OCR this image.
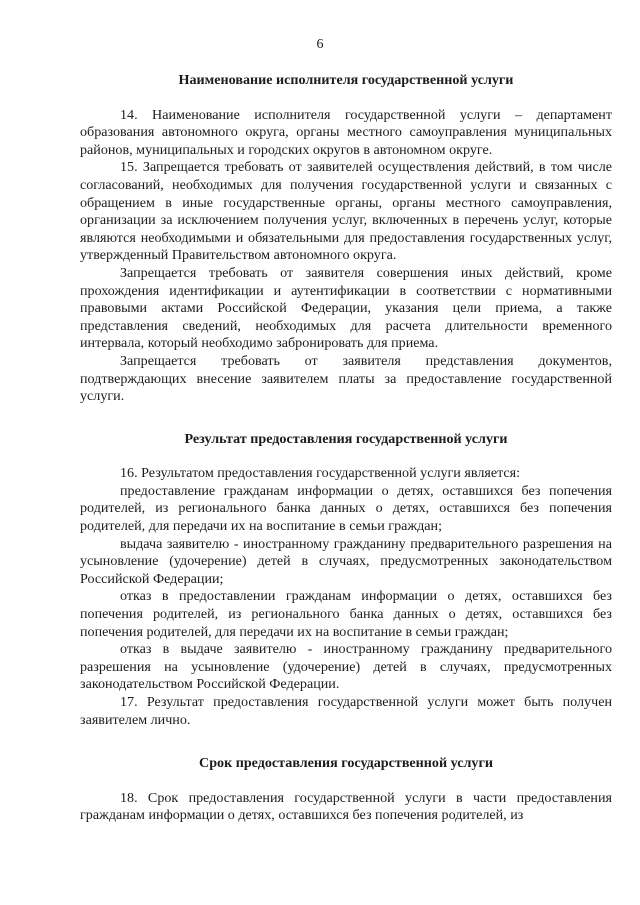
6
Наименование исполнителя государственной услуги

14. Наименование исполнителя государственной услуги – департамент образования автономного округа, органы местного самоуправления муниципальных районов, муниципальных и городских округов в автономном округе.

15. Запрещается требовать от заявителей осуществления действий, в том числе согласований, необходимых для получения государственной услуги и связанных с обращением в иные государственные органы, органы местного самоуправления, организации за исключением получения услуг, включенных в перечень услуг, которые являются необходимыми и обязательными для предоставления государственных услуг, утвержденный Правительством автономного округа.

Запрещается требовать от заявителя совершения иных действий, кроме прохождения идентификации и аутентификации в соответствии с нормативными правовыми актами Российской Федерации, указания цели приема, а также представления сведений, необходимых для расчета длительности временного интервала, который необходимо забронировать для приема.

Запрещается требовать от заявителя представления документов, подтверждающих внесение заявителем платы за предоставление государственной услуги.

Результат предоставления государственной услуги

16. Результатом предоставления государственной услуги является:

предоставление гражданам информации о детях, оставшихся без попечения родителей, из регионального банка данных о детях, оставшихся без попечения родителей, для передачи их на воспитание в семьи граждан;

выдача заявителю - иностранному гражданину предварительного разрешения на усыновление (удочерение) детей в случаях, предусмотренных законодательством Российской Федерации;

отказ в предоставлении гражданам информации о детях, оставшихся без попечения родителей, из регионального банка данных о детях, оставшихся без попечения родителей, для передачи их на воспитание в семьи граждан;

отказ в выдаче заявителю - иностранному гражданину предварительного разрешения на усыновление (удочерение) детей в случаях, предусмотренных законодательством Российской Федерации.

17. Результат предоставления государственной услуги может быть получен заявителем лично.

Срок предоставления государственной услуги

18. Срок предоставления государственной услуги в части предоставления гражданам информации о детях, оставшихся без попечения родителей, из
